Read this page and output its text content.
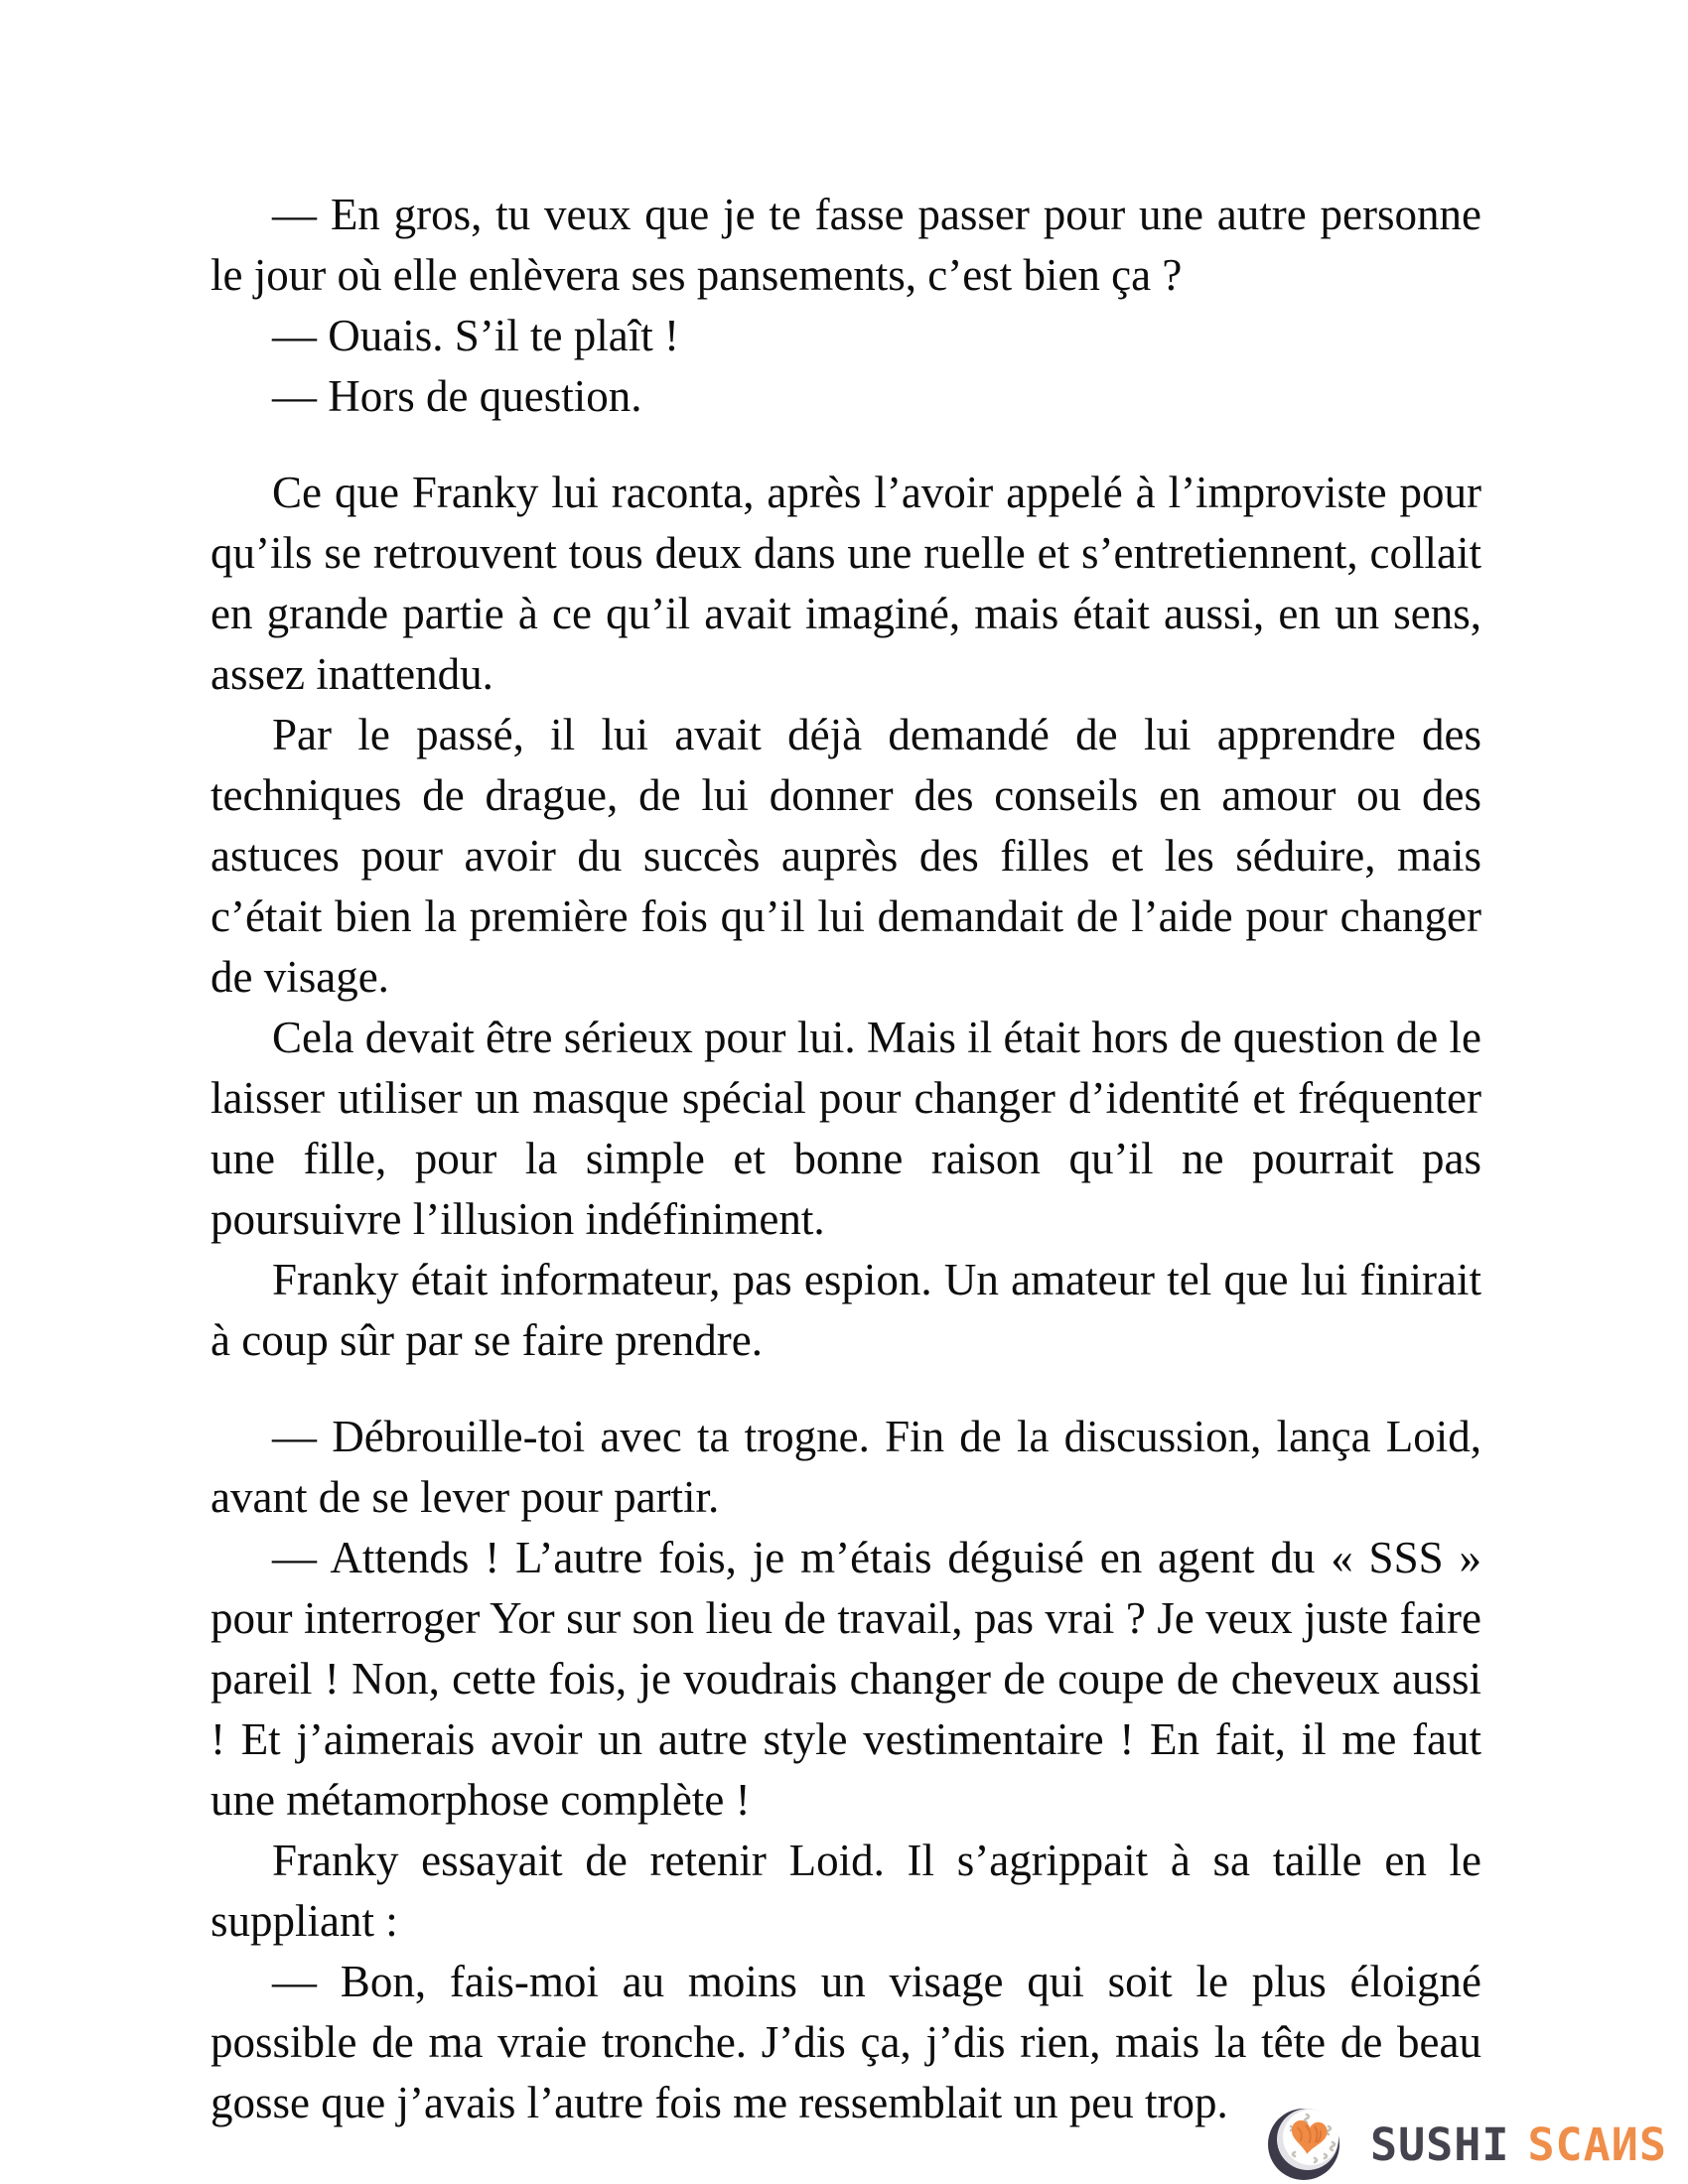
— En gros, tu veux que je te fasse passer pour une autre personne le jour où elle enlèvera ses pansements, c’est bien ça ?

— Ouais. S’il te plaît !

— Hors de question.

Ce que Franky lui raconta, après l’avoir appelé à l’improviste pour qu’ils se retrouvent tous deux dans une ruelle et s’entretiennent, collait en grande partie à ce qu’il avait imaginé, mais était aussi, en un sens, assez inattendu.

Par le passé, il lui avait déjà demandé de lui apprendre des techniques de drague, de lui donner des conseils en amour ou des astuces pour avoir du succès auprès des filles et les séduire, mais c’était bien la première fois qu’il lui demandait de l’aide pour changer de visage.

Cela devait être sérieux pour lui. Mais il était hors de question de le laisser utiliser un masque spécial pour changer d’identité et fréquenter une fille, pour la simple et bonne raison qu’il ne pourrait pas poursuivre l’illusion indéfiniment.

Franky était informateur, pas espion. Un amateur tel que lui finirait à coup sûr par se faire prendre.

— Débrouille-toi avec ta trogne. Fin de la discussion, lança Loid, avant de se lever pour partir.

— Attends ! L’autre fois, je m’étais déguisé en agent du « SSS » pour interroger Yor sur son lieu de travail, pas vrai ? Je veux juste faire pareil ! Non, cette fois, je voudrais changer de coupe de cheveux aussi ! Et j’aimerais avoir un autre style vestimentaire ! En fait, il me faut une métamorphose complète !

Franky essayait de retenir Loid. Il s’agrippait à sa taille en le suppliant :

— Bon, fais-moi au moins un visage qui soit le plus éloigné possible de ma vraie tronche. J’dis ça, j’dis rien, mais la tête de beau gosse que j’avais l’autre fois me ressemblait un peu trop.

SUSHI SCAИS
